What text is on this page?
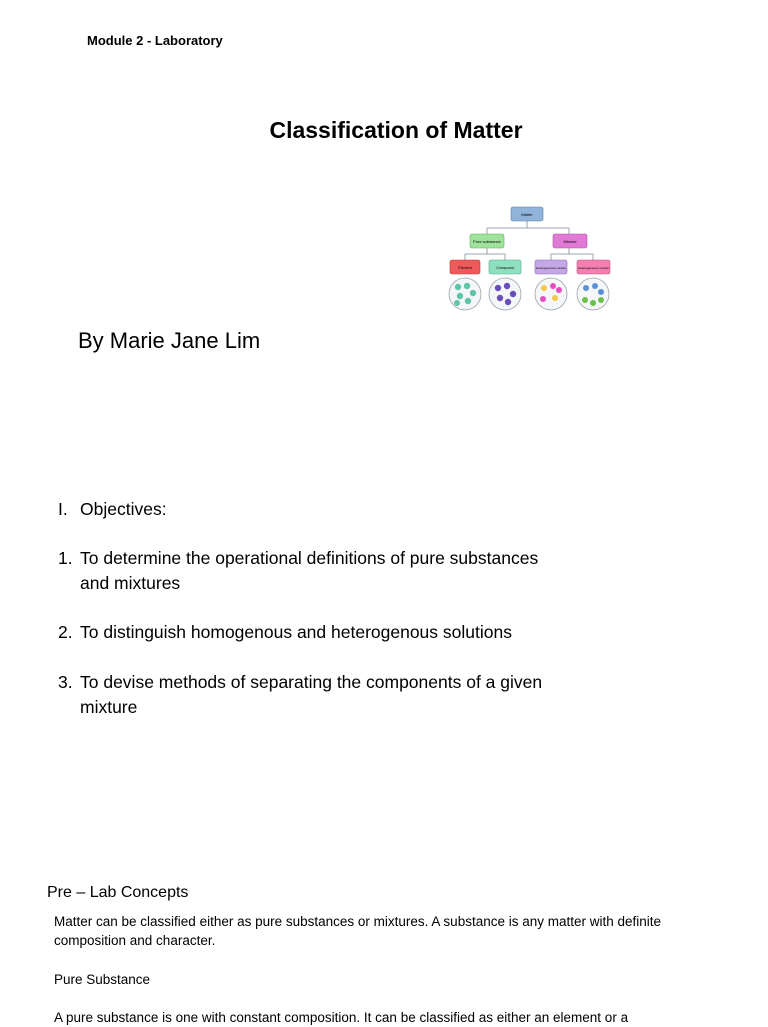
Module 2 - Laboratory
Classification of Matter
Matter
Pure substance	Mixture
Element	Compound	Homogeneous mixture	Heterogeneous mixture
By Marie Jane Lim
I. Objectives:
1. To determine the operational definitions of pure substances and mixtures
2. To distinguish homogenous and heterogenous solutions
3. To devise methods of separating the components of a given mixture
Pre – Lab Concepts
Matter can be classified either as pure substances or mixtures. A substance is any matter with definite composition and character.
Pure Substance
A pure substance is one with constant composition. It can be classified as either an element or a
